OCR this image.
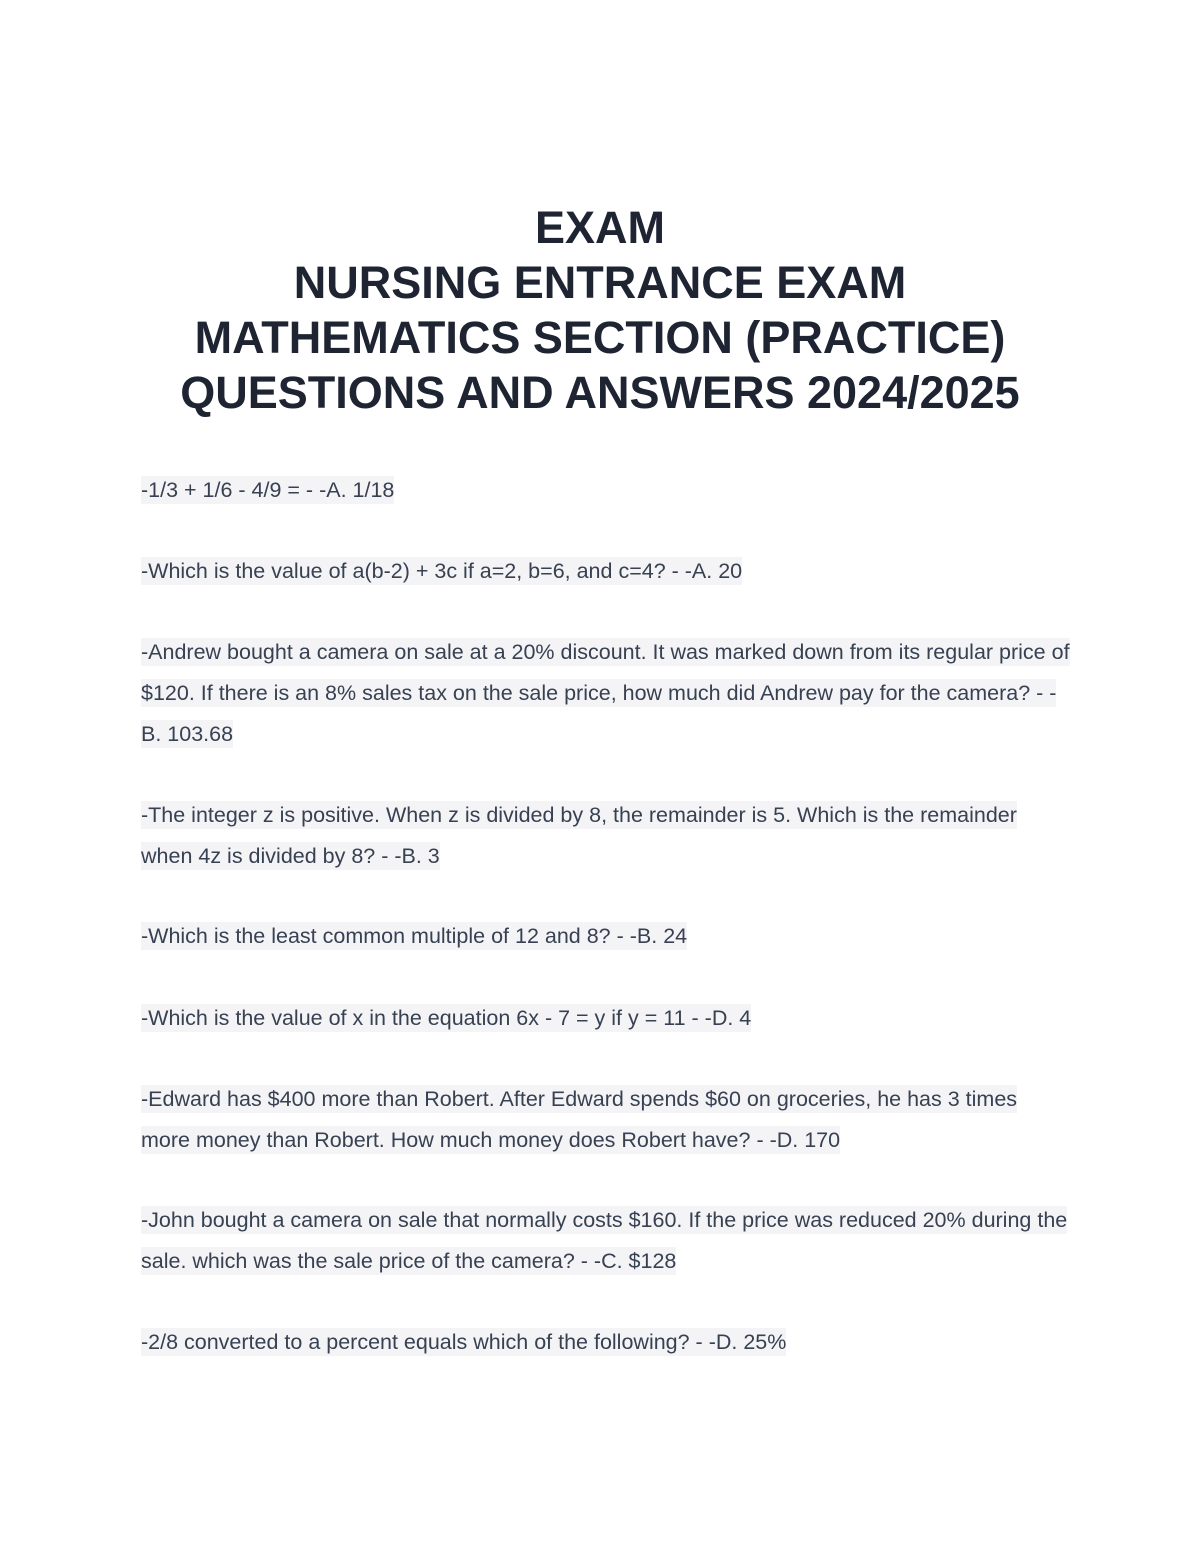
EXAM
NURSING ENTRANCE EXAM
MATHEMATICS SECTION (PRACTICE)
QUESTIONS AND ANSWERS 2024/2025

-1/3 + 1/6 - 4/9 = - -A. 1/18

-Which is the value of a(b-2) + 3c if a=2, b=6, and c=4? - -A. 20

-Andrew bought a camera on sale at a 20% discount. It was marked down from its regular price of $120. If there is an 8% sales tax on the sale price, how much did Andrew pay for the camera? - -B. 103.68

-The integer z is positive. When z is divided by 8, the remainder is 5. Which is the remainder when 4z is divided by 8? - -B. 3

-Which is the least common multiple of 12 and 8? - -B. 24

-Which is the value of x in the equation 6x - 7 = y if y = 11 - -D. 4

-Edward has $400 more than Robert. After Edward spends $60 on groceries, he has 3 times more money than Robert. How much money does Robert have? - -D. 170

-John bought a camera on sale that normally costs $160. If the price was reduced 20% during the sale. which was the sale price of the camera? - -C. $128

-2/8 converted to a percent equals which of the following? - -D. 25%
